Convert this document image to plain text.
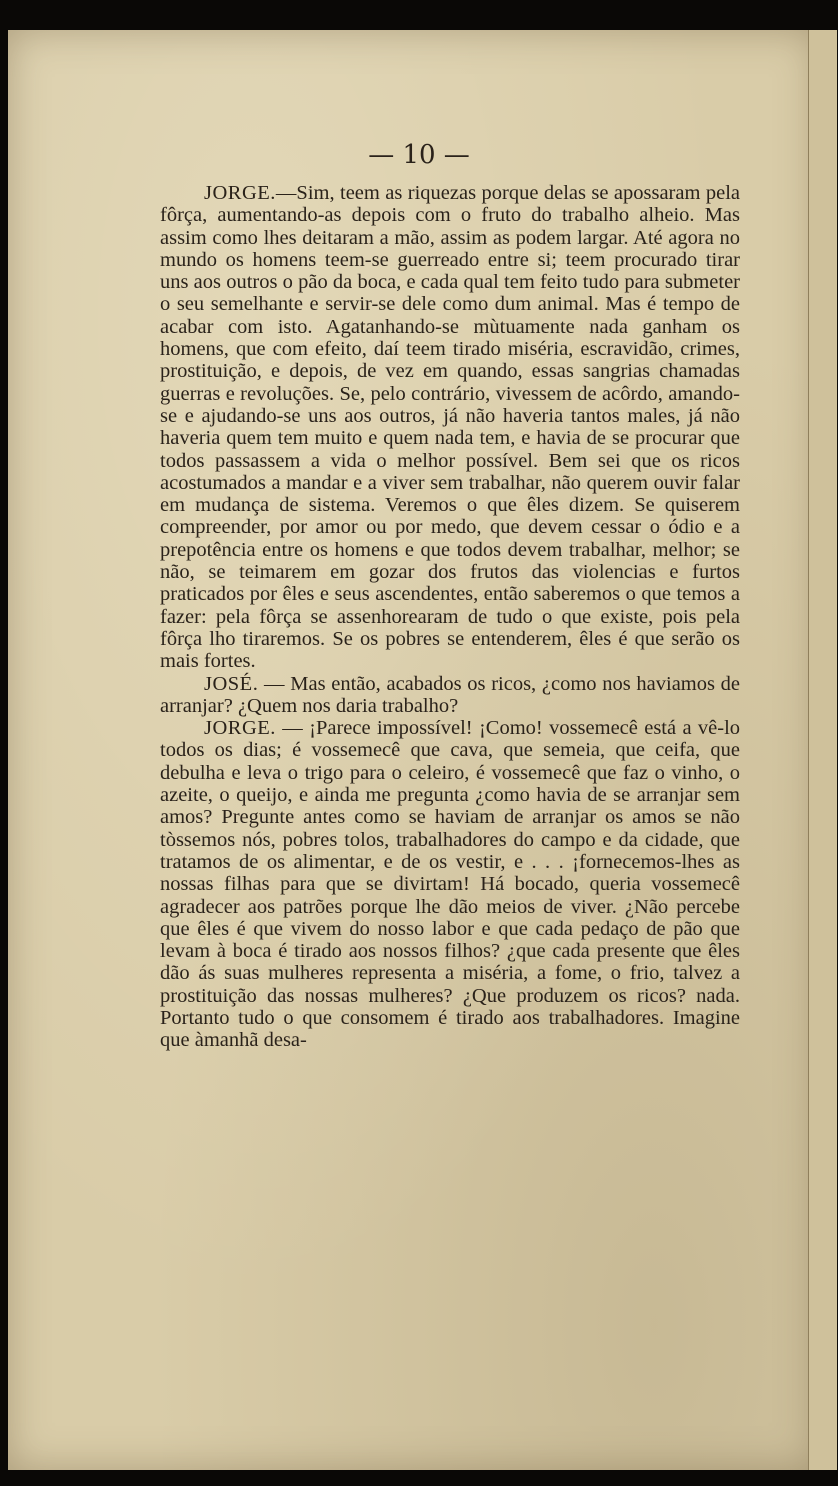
— 10 —

JORGE.—Sim, teem as riquezas porque delas se apossaram pela fôrça, aumentando-as depois com o fruto do trabalho alheio. Mas assim como lhes deitaram a mão, assim as podem largar. Até agora no mundo os homens teem-se guerreado entre si; teem procurado tirar uns aos outros o pão da boca, e cada qual tem feito tudo para submeter o seu semelhante e servir-se dele como dum animal. Mas é tempo de acabar com isto. Agatanhando-se mùtuamente nada ganham os homens, que com efeito, daí teem tirado miséria, escravidão, crimes, prostituição, e depois, de vez em quando, essas sangrias chamadas guerras e revoluções. Se, pelo contrário, vivessem de acôrdo, amando-se e ajudando-se uns aos outros, já não haveria tantos males, já não haveria quem tem muito e quem nada tem, e havia de se procurar que todos passassem a vida o melhor possível. Bem sei que os ricos acostumados a mandar e a viver sem trabalhar, não querem ouvir falar em mudança de sistema. Veremos o que êles dizem. Se quiserem compreender, por amor ou por medo, que devem cessar o ódio e a prepotência entre os homens e que todos devem trabalhar, melhor; se não, se teimarem em gozar dos frutos das violencias e furtos praticados por êles e seus ascendentes, então saberemos o que temos a fazer: pela fôrça se assenhorearam de tudo o que existe, pois pela fôrça lho tiraremos. Se os pobres se entenderem, êles é que serão os mais fortes.

JOSÉ. — Mas então, acabados os ricos, ¿como nos haviamos de arranjar? ¿Quem nos daria trabalho?

JORGE. — ¡Parece impossível! ¡Como! vossemecê está a vê-lo todos os dias; é vossemecê que cava, que semeia, que ceifa, que debulha e leva o trigo para o celeiro, é vossemecê que faz o vinho, o azeite, o queijo, e ainda me pregunta ¿como havia de se arranjar sem amos? Pregunte antes como se haviam de arranjar os amos se não tòssemos nós, pobres tolos, trabalhadores do campo e da cidade, que tratamos de os alimentar, e de os vestir, e . . . ¡fornecemos-lhes as nossas filhas para que se divirtam! Há bocado, queria vossemecê agradecer aos patrões porque lhe dão meios de viver. ¿Não percebe que êles é que vivem do nosso labor e que cada pedaço de pão que levam à boca é tirado aos nossos filhos? ¿que cada presente que êles dão ás suas mulheres representa a miséria, a fome, o frio, talvez a prostituição das nossas mulheres? ¿Que produzem os ricos? nada. Portanto tudo o que consomem é tirado aos trabalhadores. Imagine que àmanhã desa-
